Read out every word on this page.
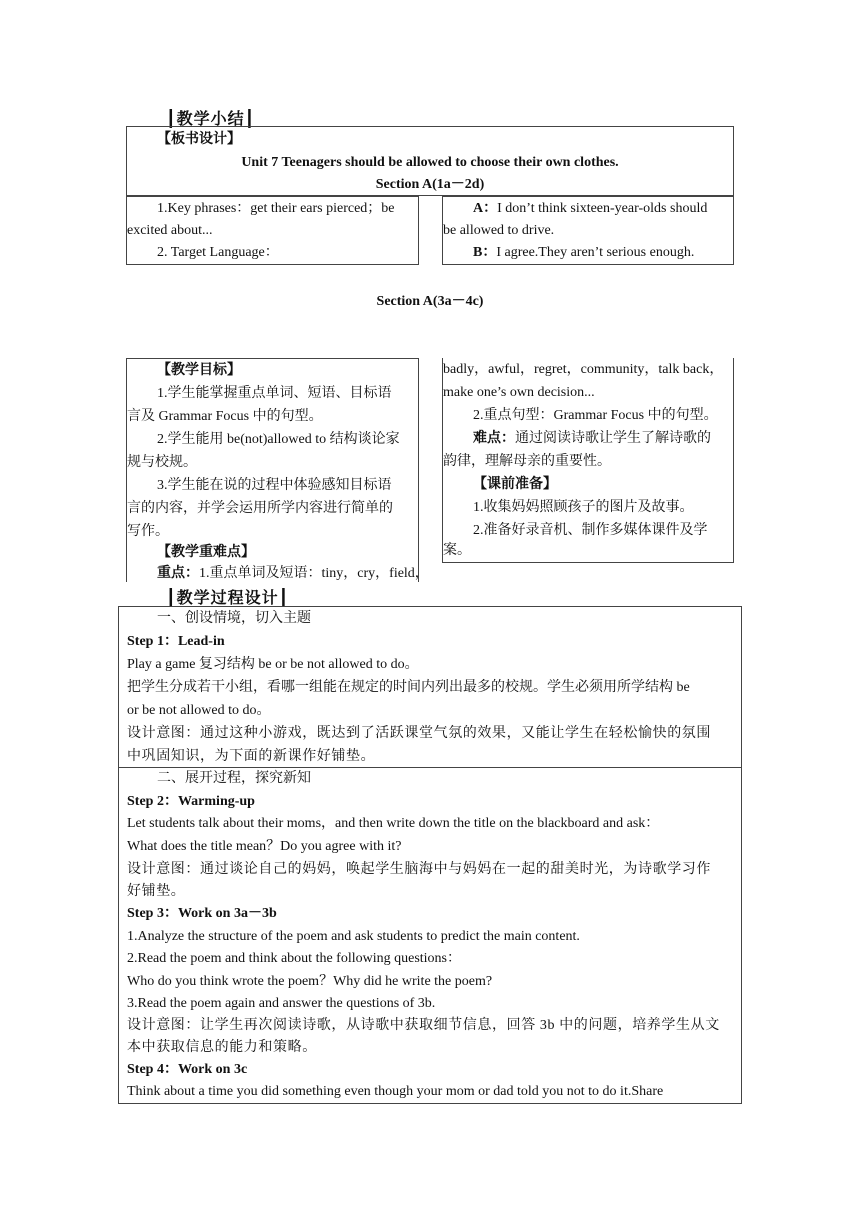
┃教学小结┃
【板书设计】
Unit 7 Teenagers should be allowed to choose their own clothes.
Section A(1a－2d)
1.Key phrases：get their ears pierced；be
excited about...
2. Target Language：
A：I don’t think sixteen-year-olds should
be allowed to drive.
B：I agree.They aren’t serious enough.
Section A(3a－4c)
【教学目标】
1.学生能掌握重点单词、短语、目标语
言及 Grammar Focus 中的句型。
2.学生能用 be(not)allowed to 结构谈论家
规与校规。
3.学生能在说的过程中体验感知目标语
言的内容，并学会运用所学内容进行简单的
写作。
【教学重难点】
重点：1.重点单词及短语：tiny，cry，field，
badly，awful，regret，community，talk back，
make one’s own decision...
2.重点句型：Grammar Focus 中的句型。
难点：通过阅读诗歌让学生了解诗歌的
韵律，理解母亲的重要性。
【课前准备】
1.收集妈妈照顾孩子的图片及故事。
2.准备好录音机、制作多媒体课件及学
案。
┃教学过程设计┃
一、创设情境，切入主题
Step 1：Lead-in
Play a game 复习结构 be or be not allowed to do。
把学生分成若干小组，看哪一组能在规定的时间内列出最多的校规。学生必须用所学结构 be
or be not allowed to do。
设计意图：通过这种小游戏，既达到了活跃课堂气氛的效果，又能让学生在轻松愉快的氛围
中巩固知识，为下面的新课作好铺垫。
二、展开过程，探究新知
Step 2：Warming-up
Let students talk about their moms，and then write down the title on the blackboard and ask：
What does the title mean？Do you agree with it?
设计意图：通过谈论自己的妈妈，唤起学生脑海中与妈妈在一起的甜美时光，为诗歌学习作
好铺垫。
Step 3：Work on 3a－3b
1.Analyze the structure of the poem and ask students to predict the main content.
2.Read the poem and think about the following questions：
Who do you think wrote the poem？Why did he write the poem?
3.Read the poem again and answer the questions of 3b.
设计意图：让学生再次阅读诗歌，从诗歌中获取细节信息，回答 3b 中的问题，培养学生从文
本中获取信息的能力和策略。
Step 4：Work on 3c
Think about a time you did something even though your mom or dad told you not to do it.Share
